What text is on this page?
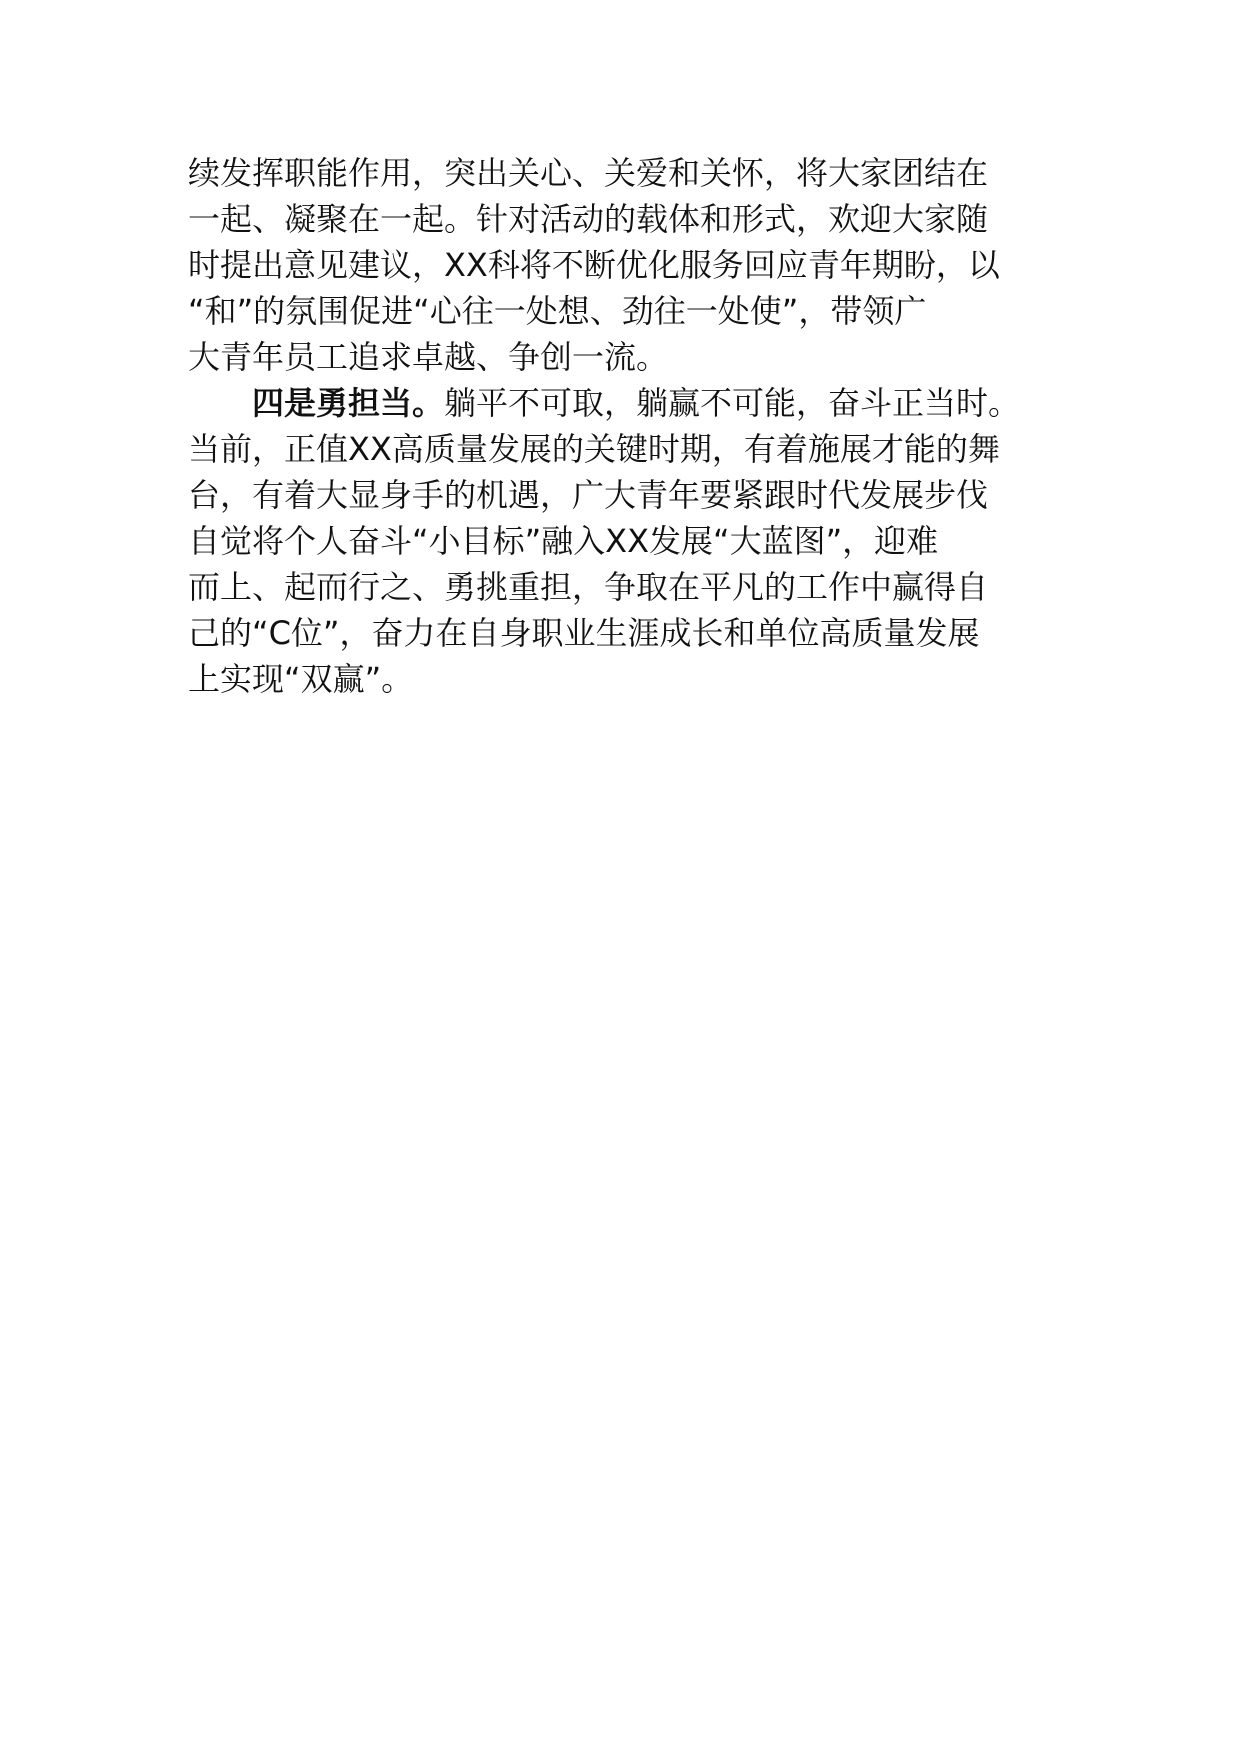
续发挥职能作用，突出关心、关爱和关怀，将大家团结在
一起、凝聚在一起。针对活动的载体和形式，欢迎大家随
时提出意见建议，XX科将不断优化服务回应青年期盼，以
“和”的氛围促进“心往一处想、劲往一处使”，带领广
大青年员工追求卓越、争创一流。
四是勇担当。躺平不可取，躺赢不可能，奋斗正当时。
当前，正值XX高质量发展的关键时期，有着施展才能的舞
台，有着大显身手的机遇，广大青年要紧跟时代发展步伐
自觉将个人奋斗“小目标”融入XX发展“大蓝图”，迎难
而上、起而行之、勇挑重担，争取在平凡的工作中赢得自
己的“C位”，奋力在自身职业生涯成长和单位高质量发展
上实现“双赢”。
